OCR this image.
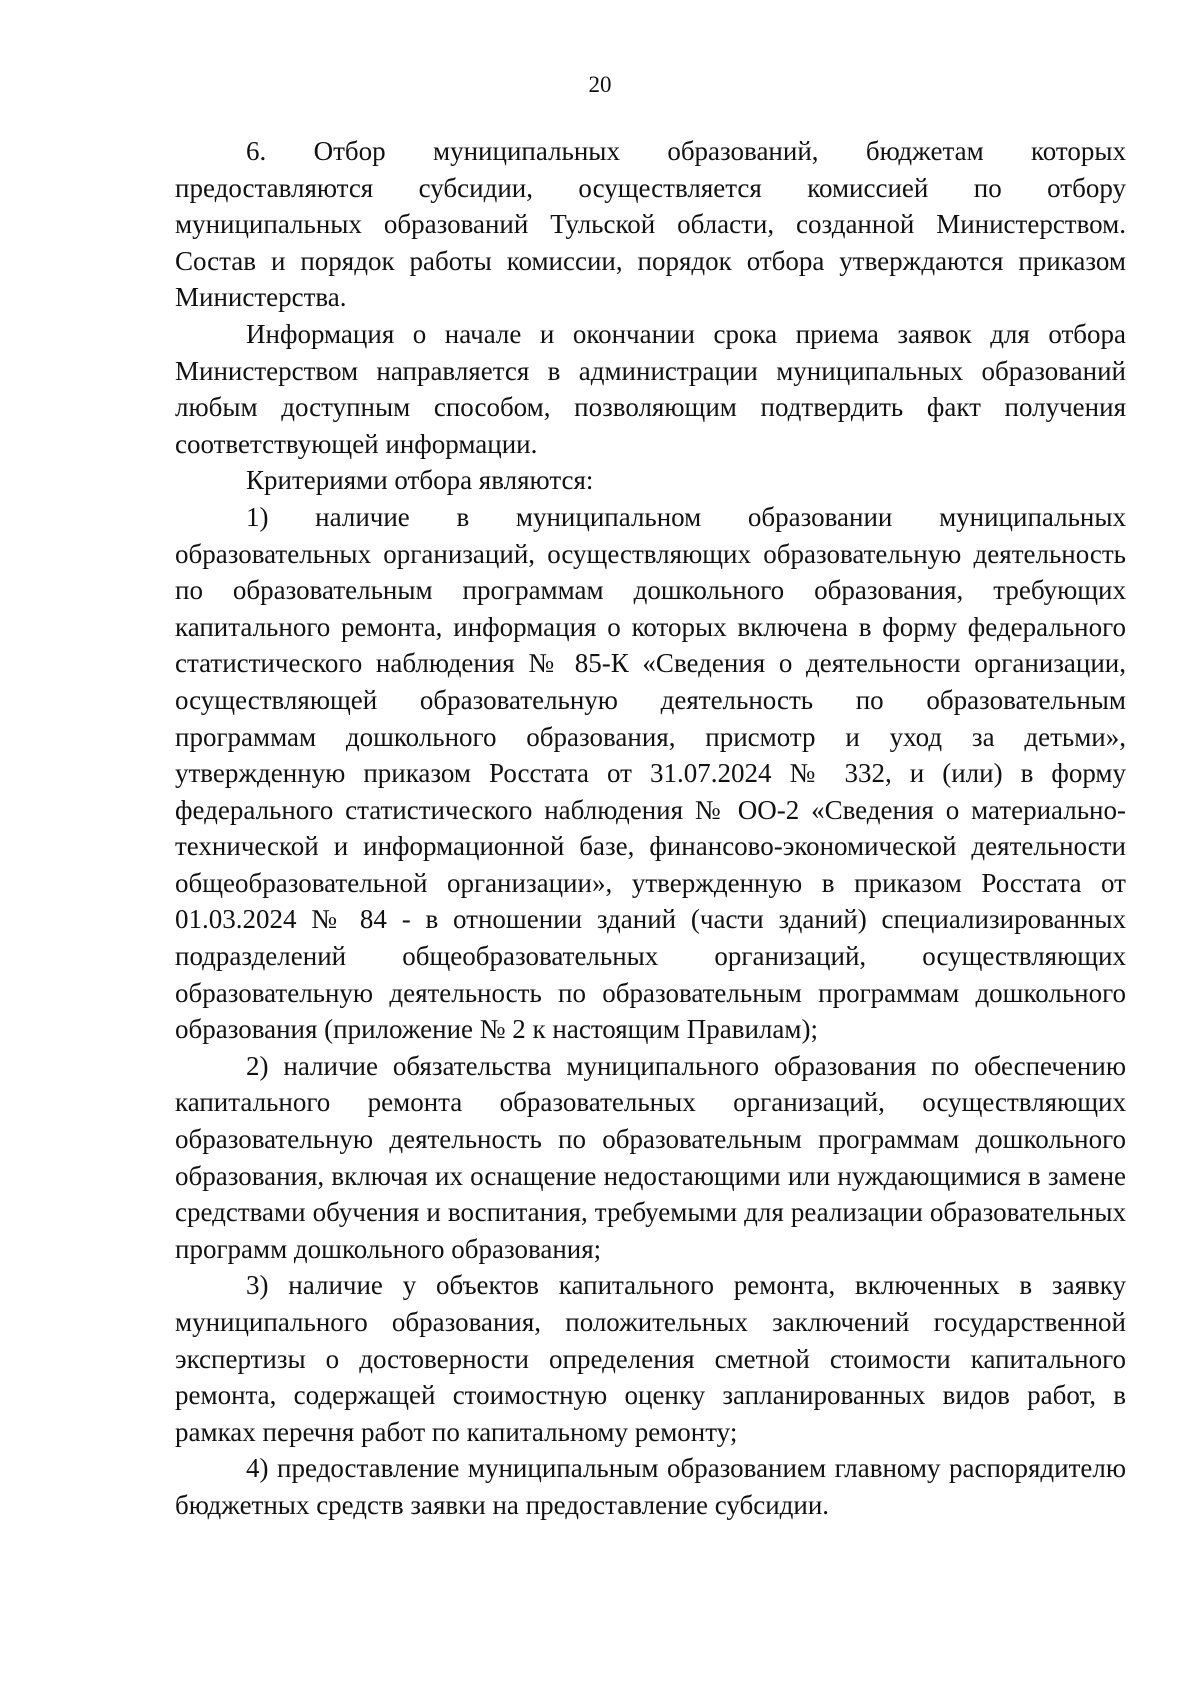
20

6. Отбор муниципальных образований, бюджетам которых предоставляются субсидии, осуществляется комиссией по отбору муниципальных образований Тульской области, созданной Министерством. Состав и порядок работы комиссии, порядок отбора утверждаются приказом Министерства.

Информация о начале и окончании срока приема заявок для отбора Министерством направляется в администрации муниципальных образований любым доступным способом, позволяющим подтвердить факт получения соответствующей информации.

Критериями отбора являются:

1) наличие в муниципальном образовании муниципальных образовательных организаций, осуществляющих образовательную деятельность по образовательным программам дошкольного образования, требующих капитального ремонта, информация о которых включена в форму федерального статистического наблюдения № 85-К «Сведения о деятельности организации, осуществляющей образовательную деятельность по образовательным программам дошкольного образования, присмотр и уход за детьми», утвержденную приказом Росстата от 31.07.2024 № 332, и (или) в форму федерального статистического наблюдения № ОО-2 «Сведения о материально-технической и информационной базе, финансово-экономической деятельности общеобразовательной организации», утвержденную в приказом Росстата от 01.03.2024 № 84 - в отношении зданий (части зданий) специализированных подразделений общеобразовательных организаций, осуществляющих образовательную деятельность по образовательным программам дошкольного образования (приложение № 2 к настоящим Правилам);

2) наличие обязательства муниципального образования по обеспечению капитального ремонта образовательных организаций, осуществляющих образовательную деятельность по образовательным программам дошкольного образования, включая их оснащение недостающими или нуждающимися в замене средствами обучения и воспитания, требуемыми для реализации образовательных программ дошкольного образования;

3) наличие у объектов капитального ремонта, включенных в заявку муниципального образования, положительных заключений государственной экспертизы о достоверности определения сметной стоимости капитального ремонта, содержащей стоимостную оценку запланированных видов работ, в рамках перечня работ по капитальному ремонту;

4) предоставление муниципальным образованием главному распорядителю бюджетных средств заявки на предоставление субсидии.
